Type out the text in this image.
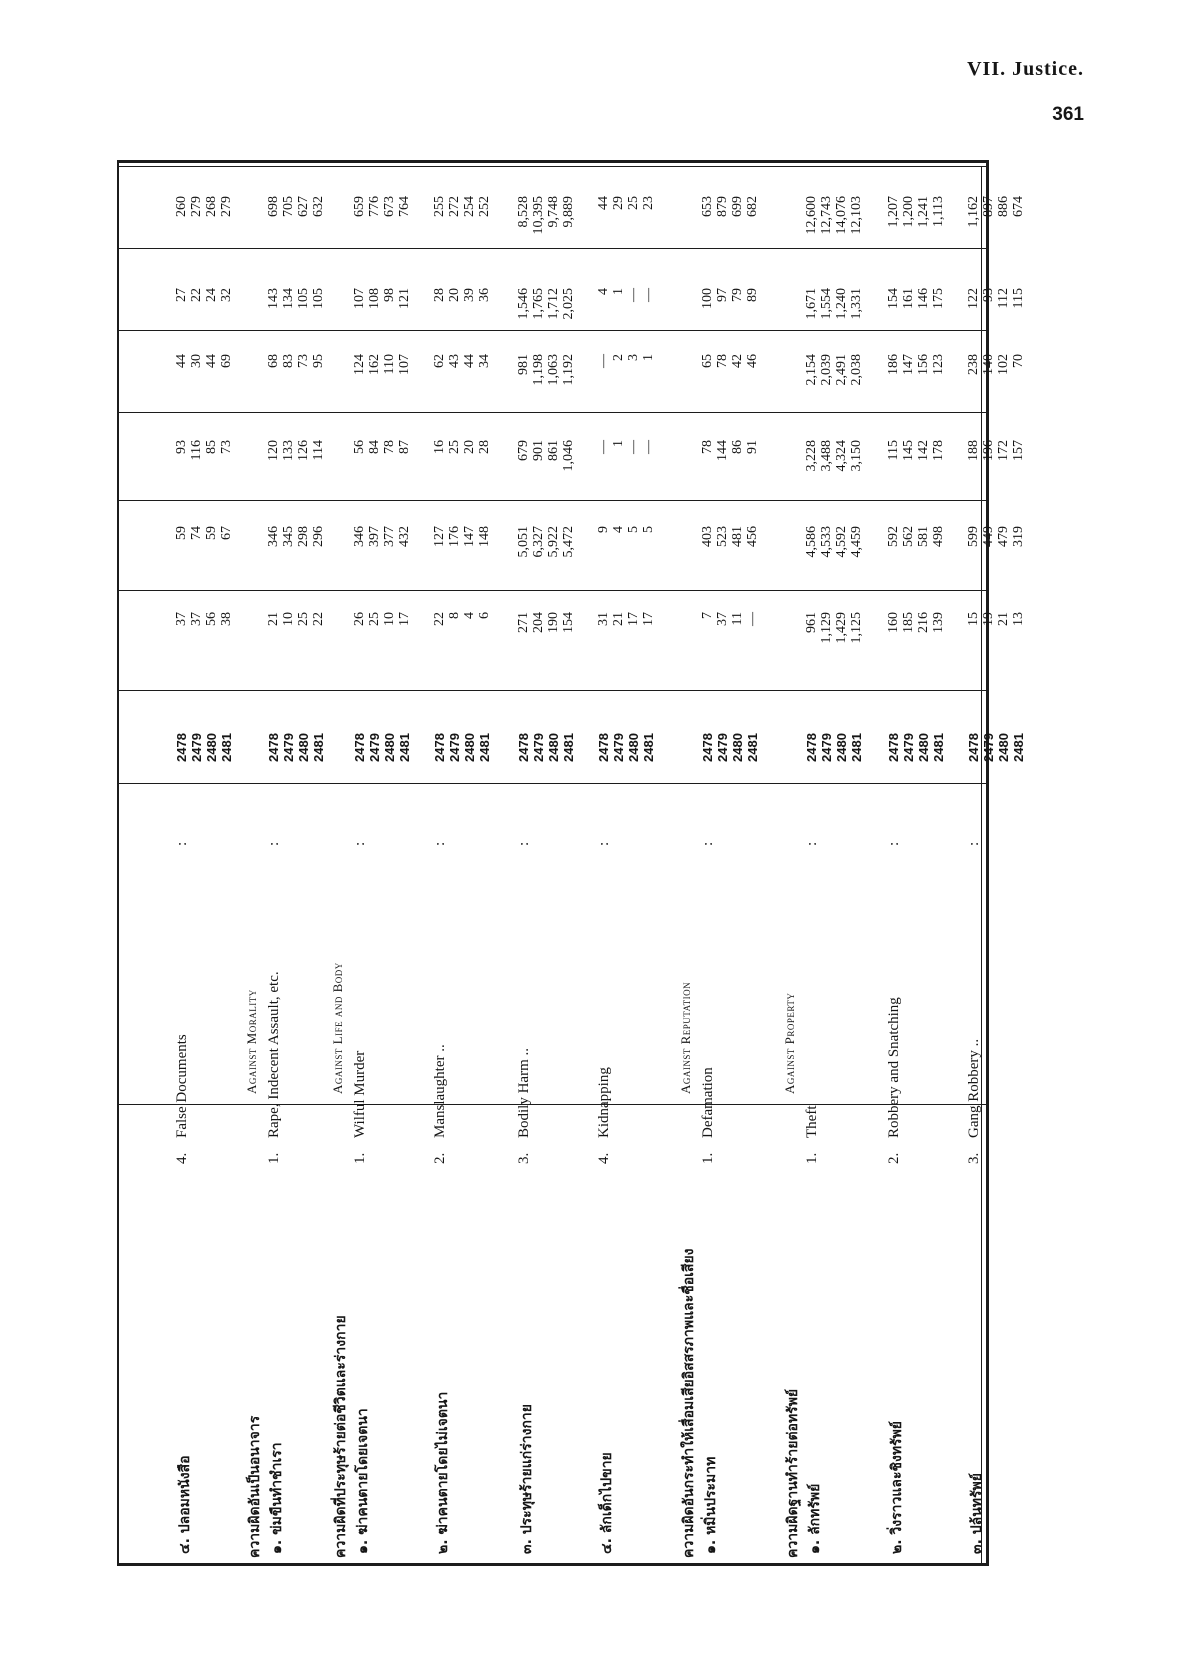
VII. Justice.
361
๔. ปลอมหนังสือ
4.False Documents
:
2478 2479 2480 2481
37 37 56 38
59 74 59 67
93 116 85 73
44 30 44 69
27 22 24 32
260 279 268 279
ความผิดอันเป็นอนาจาร
Against Morality
๑. ข่มขืนทำชำเรา
1.Rape, Indecent Assault, etc.
:
2478 2479 2480 2481
21 10 25 22
346 345 298 296
120 133 126 114
68 83 73 95
143 134 105 105
698 705 627 632
ความผิดที่ประทุษร้ายต่อชีวิตและร่างกาย
Against Life and Body
๑. ฆ่าคนตายโดยเจตนา
1.Wilful Murder
:
2478 2479 2480 2481
26 25 10 17
346 397 377 432
56 84 78 87
124 162 110 107
107 108 98 121
659 776 673 764
๒. ฆ่าคนตายโดยไม่เจตนา
2.Manslaughter ..
:
2478 2479 2480 2481
22 8 4 6
127 176 147 148
16 25 20 28
62 43 44 34
28 20 39 36
255 272 254 252
๓. ประทุษร้ายแก่ร่างกาย
3.Bodily Harm ..
:
2478 2479 2480 2481
271 204 190 154
5,051 6,327 5,922 5,472
679 901 861 1,046
981 1,198 1,063 1,192
1,546 1,765 1,712 2,025
8,528 10,395 9,748 9,889
๔. ลักเด็กไปขาย
4.Kidnapping
:
2478 2479 2480 2481
31 21 17 17
9 4 5 5
— 1 — —
— 2 3 1
4 1 — —
44 29 25 23
ความผิดอันกระทำให้เสื่อมเสียอิสสรภาพและชื่อเสียง
Against Reputation
๑. หมิ่นประมาท
1.Defamation
:
2478 2479 2480 2481
7 37 11 —
403 523 481 456
78 144 86 91
65 78 42 46
100 97 79 89
653 879 699 682
ความผิดฐานทำร้ายต่อทรัพย์
Against Property
๑. ลักทรัพย์
1.Theft
:
2478 2479 2480 2481
961 1,129 1,429 1,125
4,586 4,533 4,592 4,459
3,228 3,488 4,324 3,150
2,154 2,039 2,491 2,038
1,671 1,554 1,240 1,331
12,600 12,743 14,076 12,103
๒. วิ่งราวและชิงทรัพย์
2.Robbery and Snatching
:
2478 2479 2480 2481
160 185 216 139
592 562 581 498
115 145 142 178
186 147 156 123
154 161 146 175
1,207 1,200 1,241 1,113
๓. ปล้นทรัพย์
3.Gang Robbery ..
:
2478 2479 2480 2481
15 19 21 13
599 449 479 319
188 196 172 157
238 140 102 70
122 93 112 115
1,162 897 886 674
